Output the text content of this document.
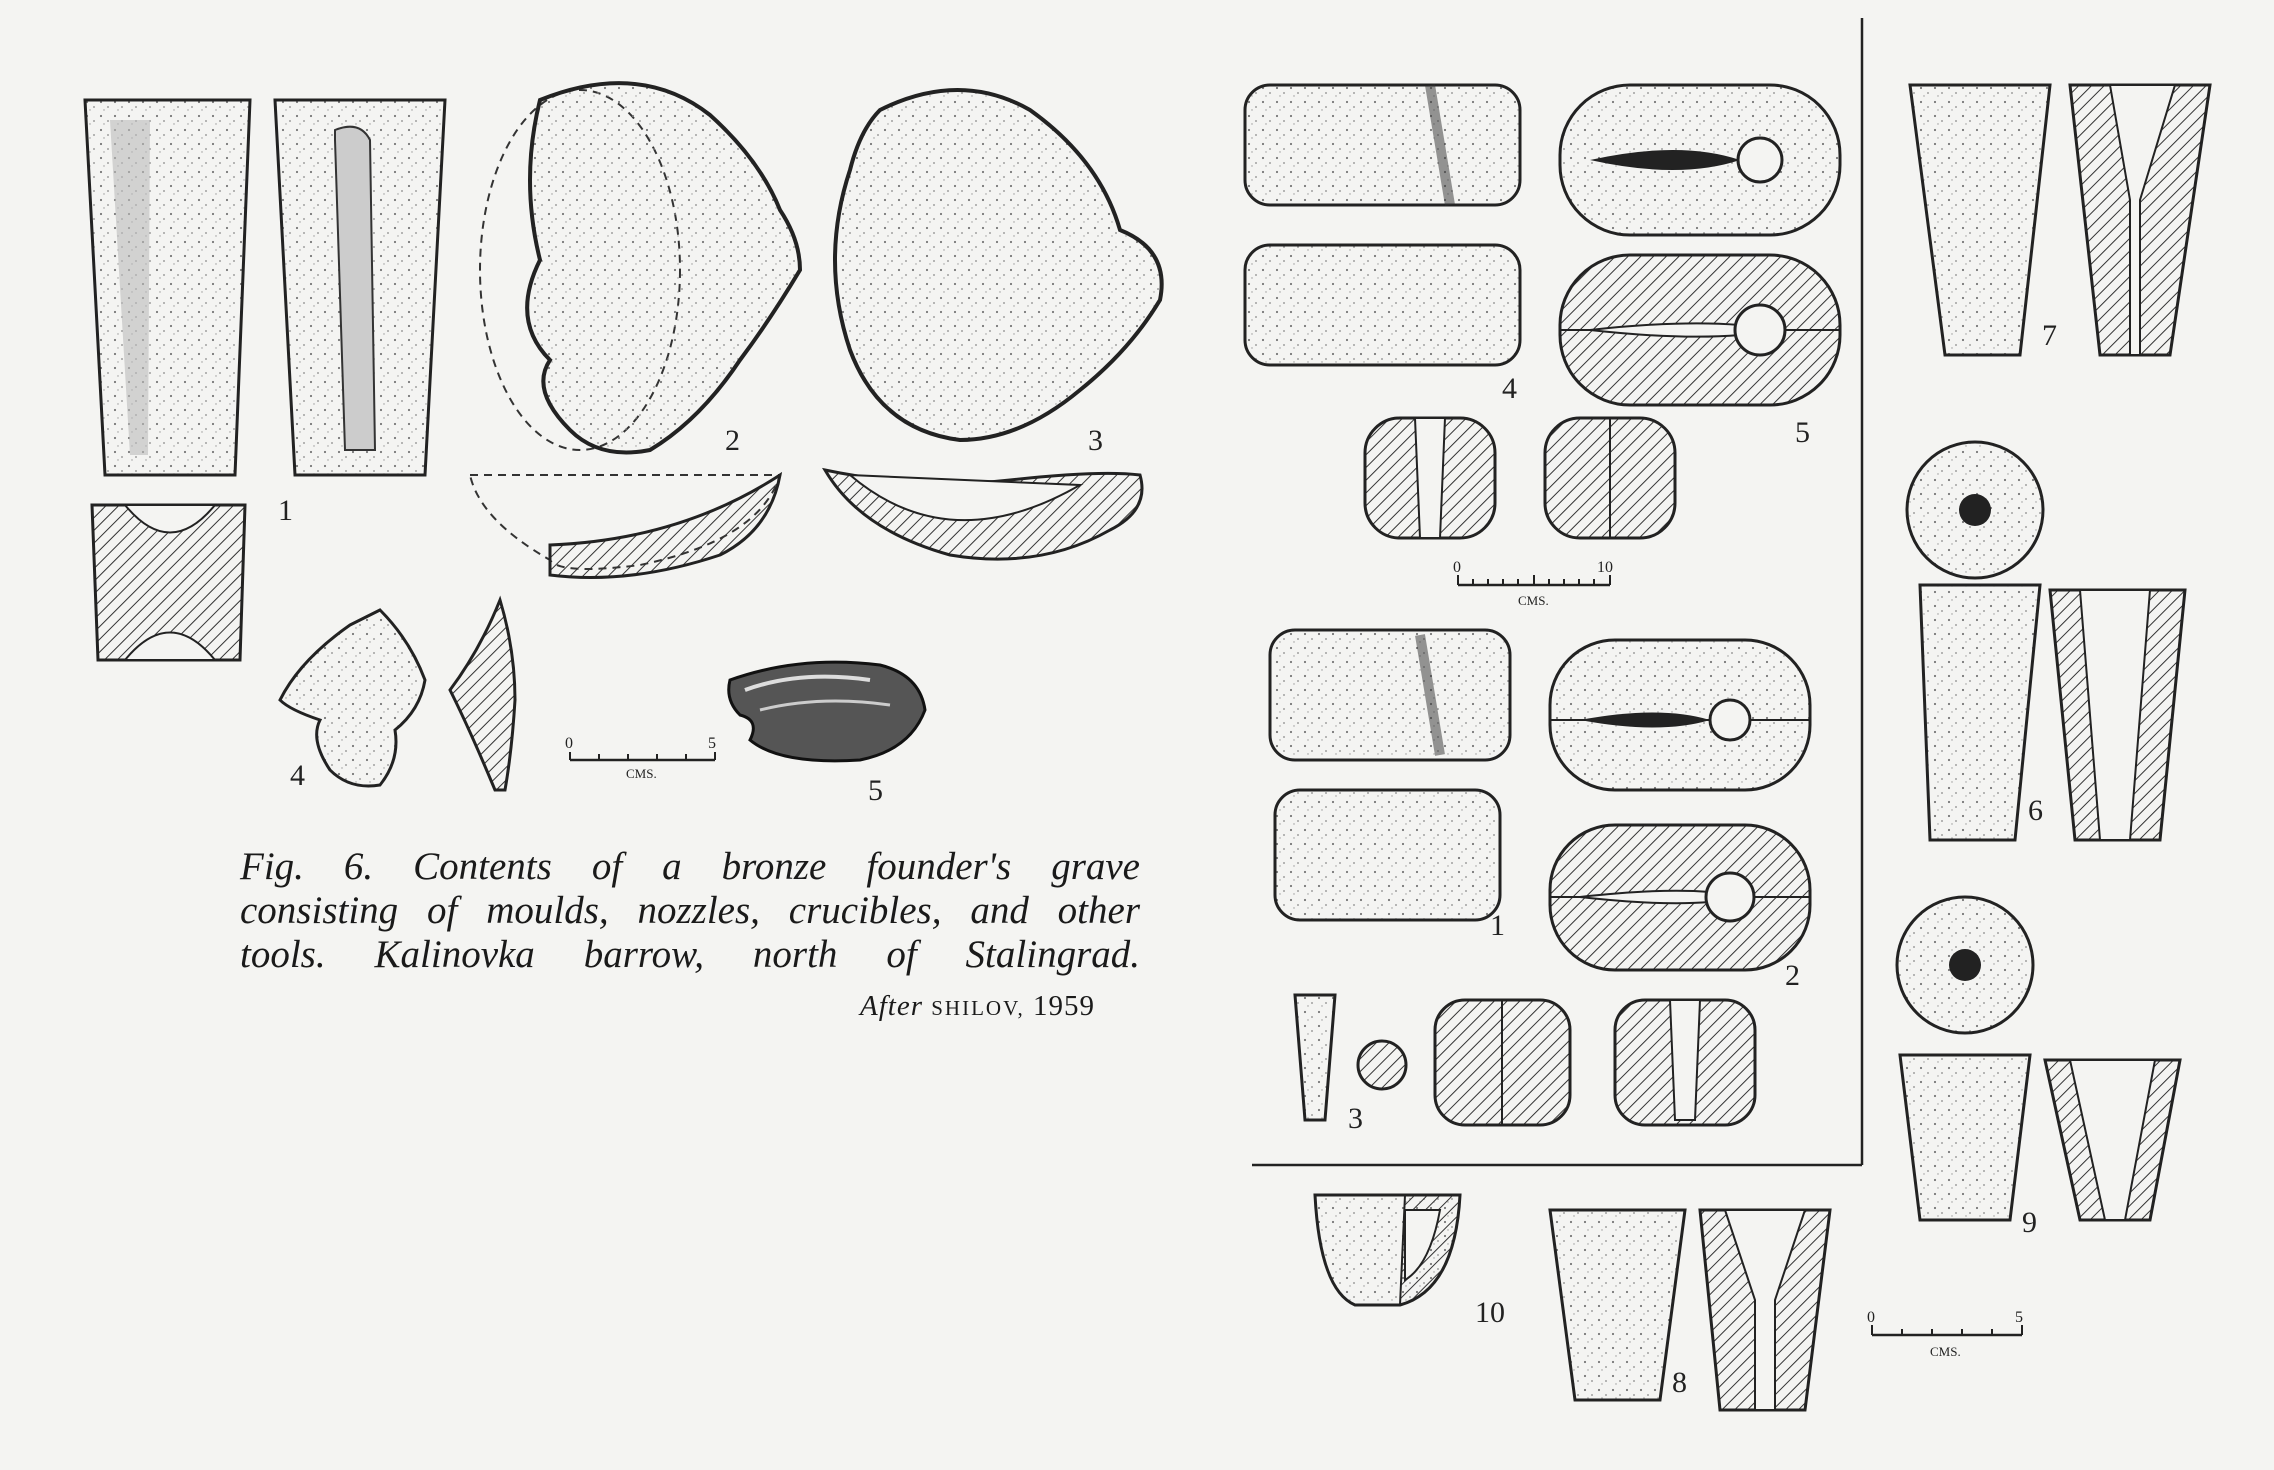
1
2	3
4	5
0	5
CMS.
4
5
0	10
CMS.
1
2
3
7
6
9
0	5
CMS.
10
8
Fig. 6. Contents of a bronze founder's grave
consisting of moulds, nozzles, crucibles, and other
tools. Kalinovka barrow, north of Stalingrad.
After SHILOV, 1959
